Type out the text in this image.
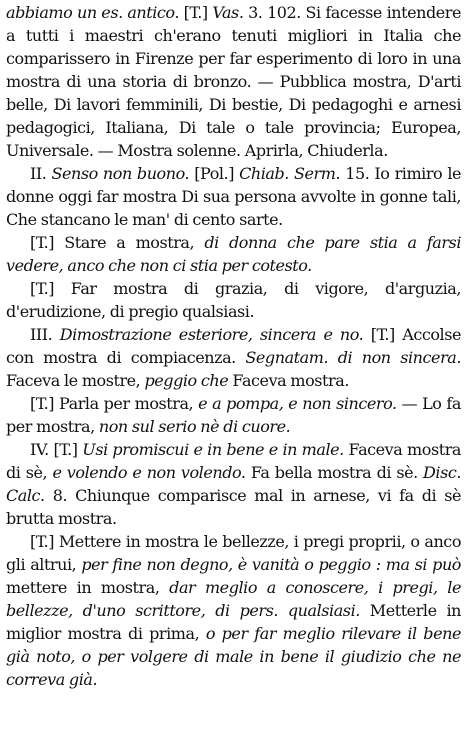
abbiamo un es. antico. [T.] Vas. 3. 102. Si facesse intendere a tutti i maestri ch'erano tenuti migliori in Italia che comparissero in Firenze per far esperimento di loro in una mostra di una storia di bronzo. — Pubblica mostra, D'arti belle, Di lavori femminili, Di bestie, Di pedagoghi e arnesi pedagogici, Italiana, Di tale o tale provincia; Europea, Universale. — Mostra solenne. Aprirla, Chiuderla.

II. Senso non buono. [Pol.] Chiab. Serm. 15. Io rimiro le donne oggi far mostra Di sua persona avvolte in gonne tali, Che stancano le man' di cento sarte.

[T.] Stare a mostra, di donna che pare stia a farsi vedere, anco che non ci stia per cotesto.

[T.] Far mostra di grazia, di vigore, d'arguzia, d'erudizione, di pregio qualsiasi.

III. Dimostrazione esteriore, sincera e no. [T.] Accolse con mostra di compiacenza. Segnatam. di non sincera. Faceva le mostre, peggio che Faceva mostra.

[T.] Parla per mostra, e a pompa, e non sincero. — Lo fa per mostra, non sul serio nè di cuore.

IV. [T.] Usi promiscui e in bene e in male. Faceva mostra di sè, e volendo e non volendo. Fa bella mostra di sè. Disc. Calc. 8. Chiunque comparisce mal in arnese, vi fa di sè brutta mostra.

[T.] Mettere in mostra le bellezze, i pregi proprii, o anco gli altrui, per fine non degno, è vanità o peggio : ma si può mettere in mostra, dar meglio a conoscere, i pregi, le bellezze, d'uno scrittore, di pers. qualsiasi. Metterle in miglior mostra di prima, o per far meglio rilevare il bene già noto, o per volgere di male in bene il giudizio che ne correva già.
